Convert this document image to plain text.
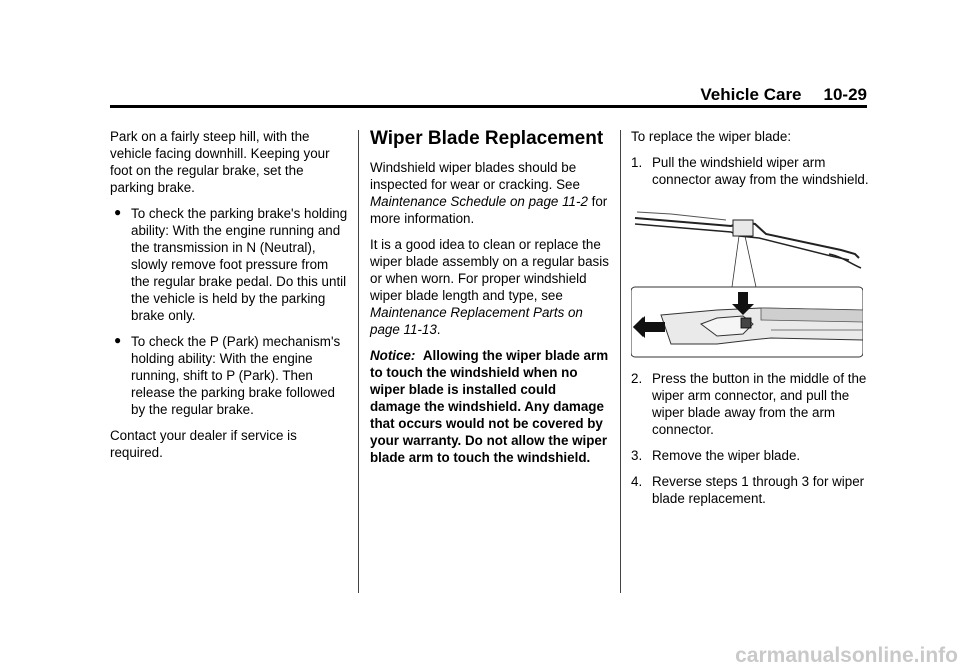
Vehicle Care 10-29

Park on a fairly steep hill, with the vehicle facing downhill. Keeping your foot on the regular brake, set the parking brake.

● To check the parking brake's holding ability: With the engine running and the transmission in N (Neutral), slowly remove foot pressure from the regular brake pedal. Do this until the vehicle is held by the parking brake only.
● To check the P (Park) mechanism's holding ability: With the engine running, shift to P (Park). Then release the parking brake followed by the regular brake.

Contact your dealer if service is required.

Wiper Blade Replacement

Windshield wiper blades should be inspected for wear or cracking. See Maintenance Schedule on page 11-2 for more information.

It is a good idea to clean or replace the wiper blade assembly on a regular basis or when worn. For proper windshield wiper blade length and type, see Maintenance Replacement Parts on page 11-13.

Notice: Allowing the wiper blade arm to touch the windshield when no wiper blade is installed could damage the windshield. Any damage that occurs would not be covered by your warranty. Do not allow the wiper blade arm to touch the windshield.

To replace the wiper blade:

1. Pull the windshield wiper arm connector away from the windshield.
2. Press the button in the middle of the wiper arm connector, and pull the wiper blade away from the arm connector.
3. Remove the wiper blade.
4. Reverse steps 1 through 3 for wiper blade replacement.
carmanualsonline.info
